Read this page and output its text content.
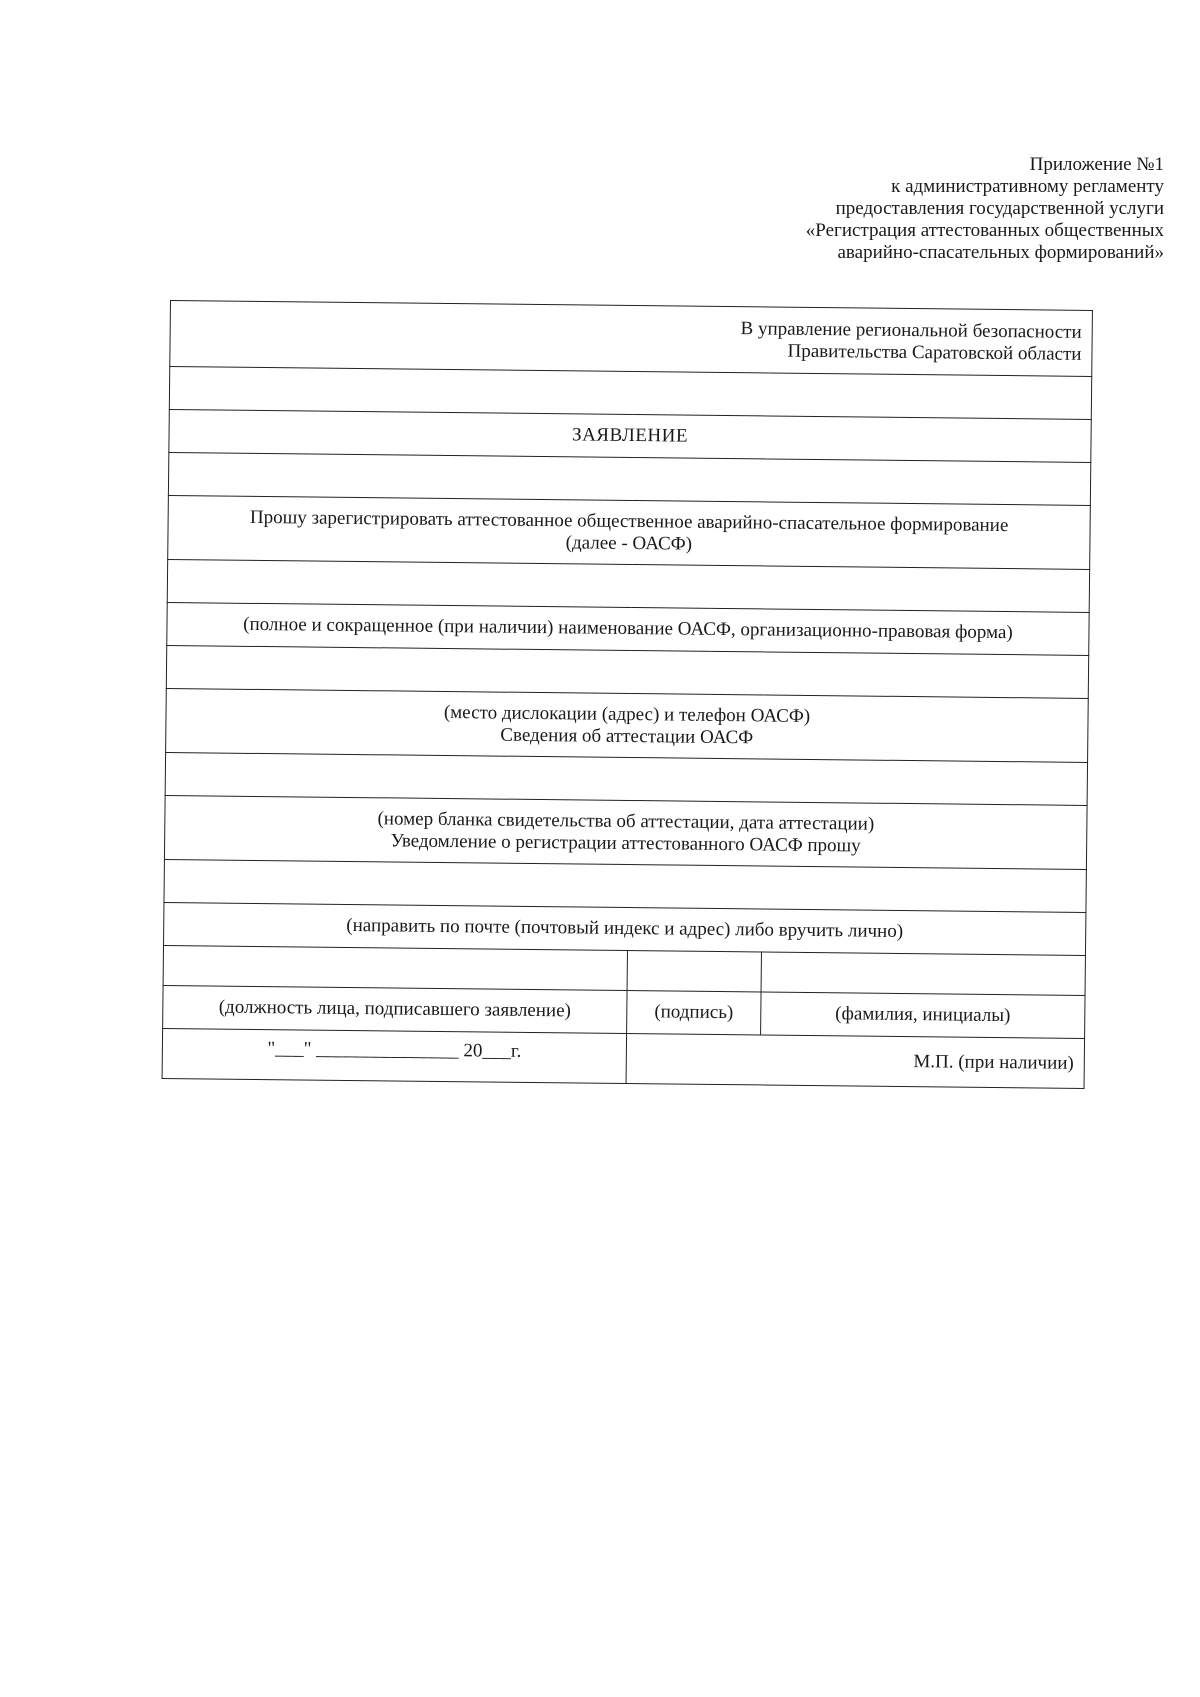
Приложение №1
к административному регламенту
предоставления государственной услуги
«Регистрация аттестованных общественных
аварийно-спасательных формирований»
В управление региональной безопасности
Правительства Саратовской области		

ЗАЯВЛЕНИЕ		

Прошу зарегистрировать аттестованное общественное аварийно-спасательное формирование
(далее - ОАСФ)		

(полное и сокращенное (при наличии) наименование ОАСФ, организационно-правовая форма)		

(место дислокации (адрес) и телефон ОАСФ)
Сведения об аттестации ОАСФ		

(номер бланка свидетельства об аттестации, дата аттестации)
Уведомление о регистрации аттестованного ОАСФ прошу		

(направить по почте (почтовый индекс и адрес) либо вручить лично)		

(должность лица, подписавшего заявление)	(подпись)	(фамилия, инициалы)
"___" _______________ 20___г.	М.П. (при наличии)	
